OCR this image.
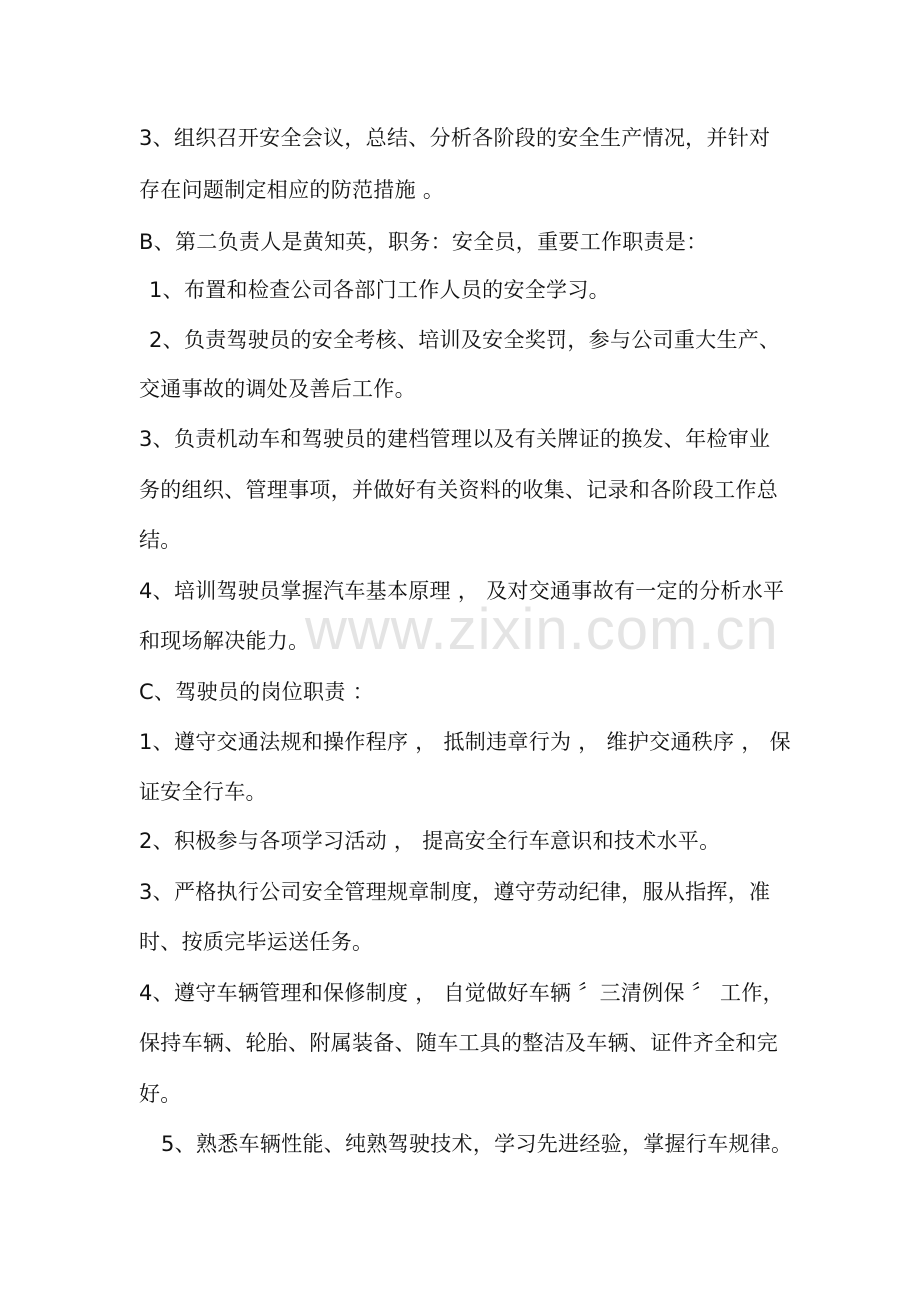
www.zixin.com.cn
3、组织召开安全会议，总结、分析各阶段的安全生产情况，并针对
存在问题制定相应的防范措施 。
B、第二负责人是黄知英，职务：安全员，重要工作职责是：
1、布置和检查公司各部门工作人员的安全学习。
2、负责驾驶员的安全考核、培训及安全奖罚，参与公司重大生产、
交通事故的调处及善后工作。
3、负责机动车和驾驶员的建档管理以及有关牌证的换发、年检审业
务的组织、管理事项，并做好有关资料的收集、记录和各阶段工作总
结。
4、培训驾驶员掌握汽车基本原理 ， 及对交通事故有一定的分析水平
和现场解决能力。
C、驾驶员的岗位职责 ：
1、遵守交通法规和操作程序 ， 抵制违章行为 ， 维护交通秩序 ， 保
证安全行车。
2、积极参与各项学习活动 ， 提高安全行车意识和技术水平。
3、严格执行公司安全管理规章制度，遵守劳动纪律，服从指挥，准
时、按质完毕运送任务。
4、遵守车辆管理和保修制度 ， 自觉做好车辆 〞三清例保 〞 工作，
保持车辆、轮胎、附属装备、随车工具的整洁及车辆、证件齐全和完
好。
5、熟悉车辆性能、纯熟驾驶技术，学习先进经验，掌握行车规律。
